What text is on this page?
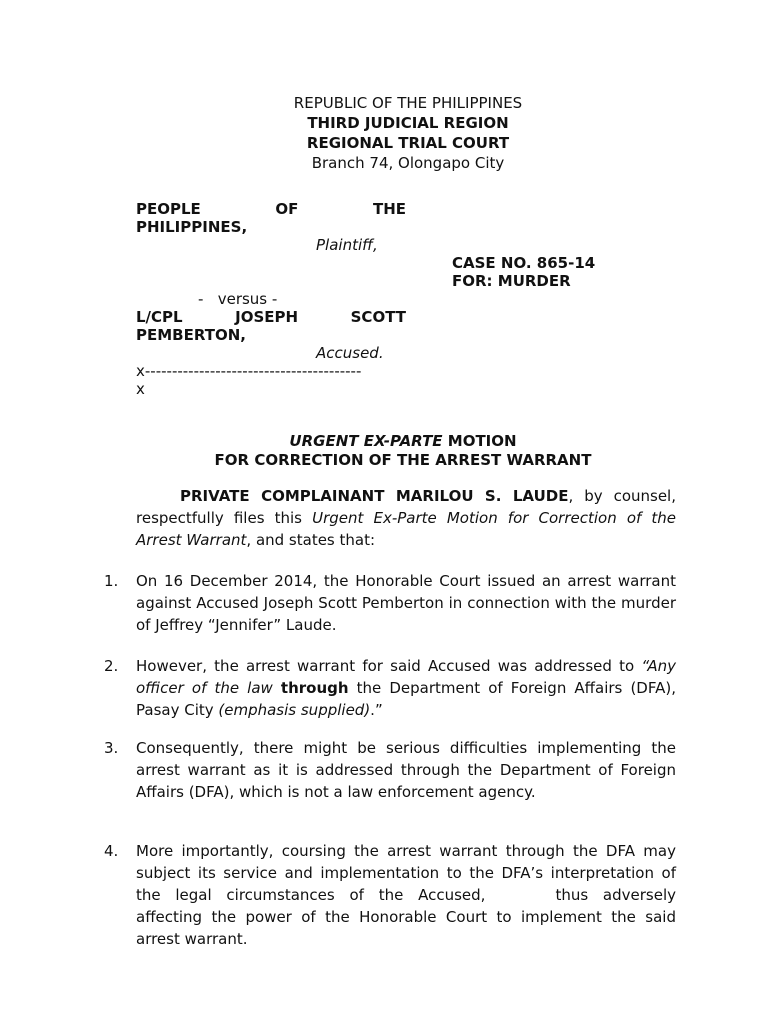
REPUBLIC OF THE PHILIPPINES
THIRD JUDICIAL REGION
REGIONAL TRIAL COURT
Branch 74, Olongapo City
PEOPLE OF THE
PHILIPPINES,
Plaintiff,
-   versus -
L/CPL JOSEPH SCOTT
PEMBERTON,
Accused.
x----------------------------------------
x
CASE NO. 865-14
FOR: MURDER
URGENT EX-PARTE MOTION
FOR CORRECTION OF THE ARREST WARRANT
PRIVATE COMPLAINANT MARILOU S. LAUDE, by counsel, respectfully files this Urgent Ex-Parte Motion for Correction of the Arrest Warrant, and states that:
1. On 16 December 2014, the Honorable Court issued an arrest warrant against Accused Joseph Scott Pemberton in connection with the murder of Jeffrey “Jennifer” Laude.
2. However, the arrest warrant for said Accused was addressed to “Any officer of the law through the Department of Foreign Affairs (DFA), Pasay City (emphasis supplied).”
3. Consequently, there might be serious difficulties implementing the arrest warrant as it is addressed through the Department of Foreign Affairs (DFA), which is not a law enforcement agency.
4. More importantly, coursing the arrest warrant through the DFA may subject its service and implementation to the DFA’s interpretation of the legal circumstances of the Accused,	thus adversely affecting the power of the Honorable Court to implement the said arrest warrant.
